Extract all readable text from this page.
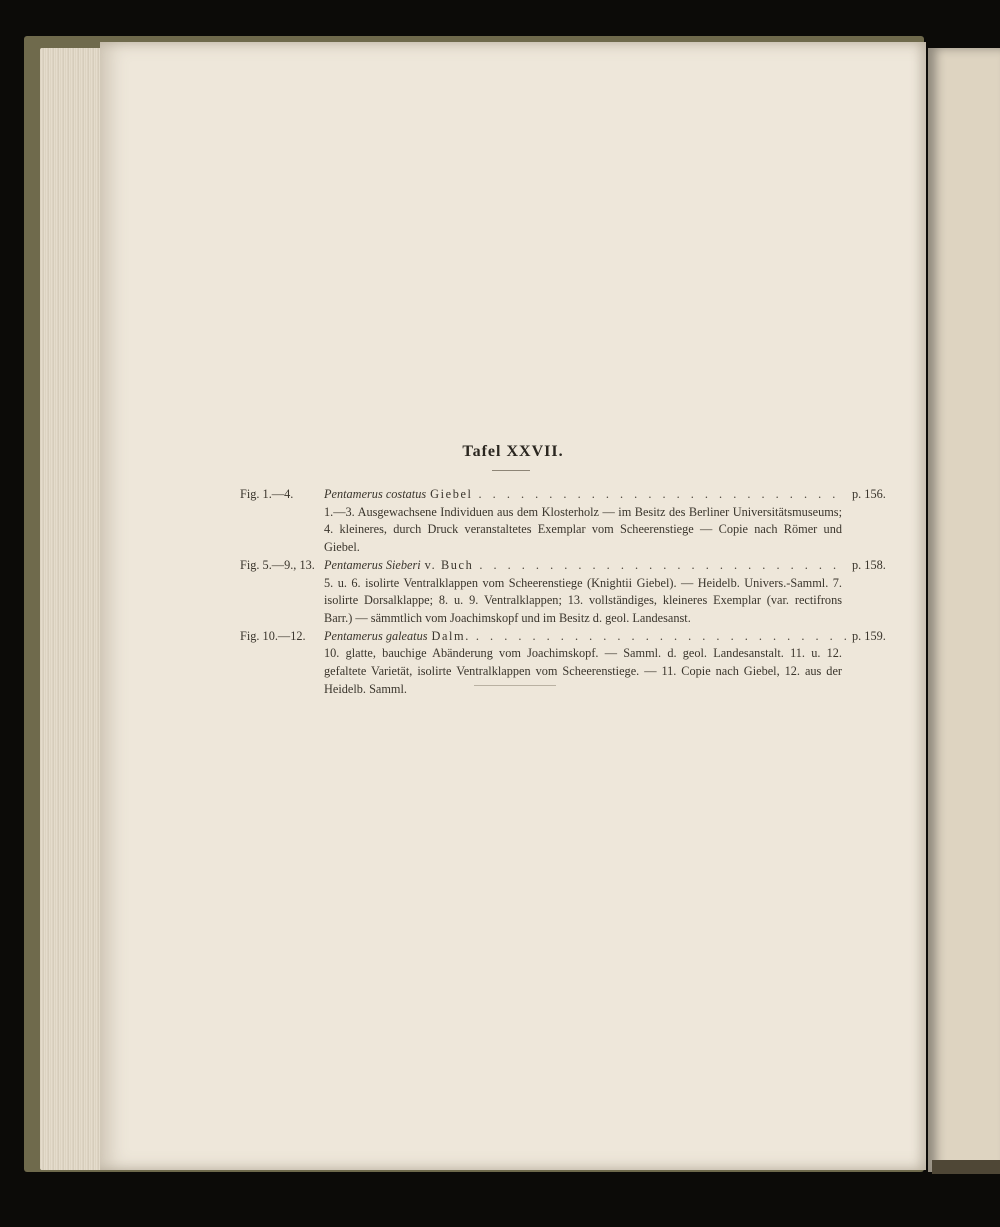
Tafel XXVII.
Fig. 1.—4.	Pentamerus costatus Giebel . . .	p. 156.
1.—3. Ausgewachsene Individuen aus dem Klosterholz — im Besitz des Berliner Universitätsmuseums; 4. kleineres, durch Druck veranstaltetes Exemplar vom Scheerenstiege — Copie nach Römer und Giebel.
Fig. 5.—9., 13. Pentamerus Sieberi v. Buch . . .	p. 158.
5. u. 6. isolirte Ventralklappen vom Scheerenstiege (Knightii Giebel). — Heidelb. Univers.-Samml. 7. isolirte Dorsalklappe; 8. u. 9. Ventralklappen; 13. vollständiges, kleineres Exemplar (var. rectifrons Barr.) — sämmtlich vom Joachimskopf und im Besitz d. geol. Landesanst.
Fig. 10.—12.	Pentamerus galeatus Dalm. . . .	p. 159.
10. glatte, bauchige Abänderung vom Joachimskopf. — Samml. d. geol. Landesanstalt. 11. u. 12. gefaltete Varietät, isolirte Ventralklappen vom Scheerenstiege. — 11. Copie nach Giebel, 12. aus der Heidelb. Samml.
